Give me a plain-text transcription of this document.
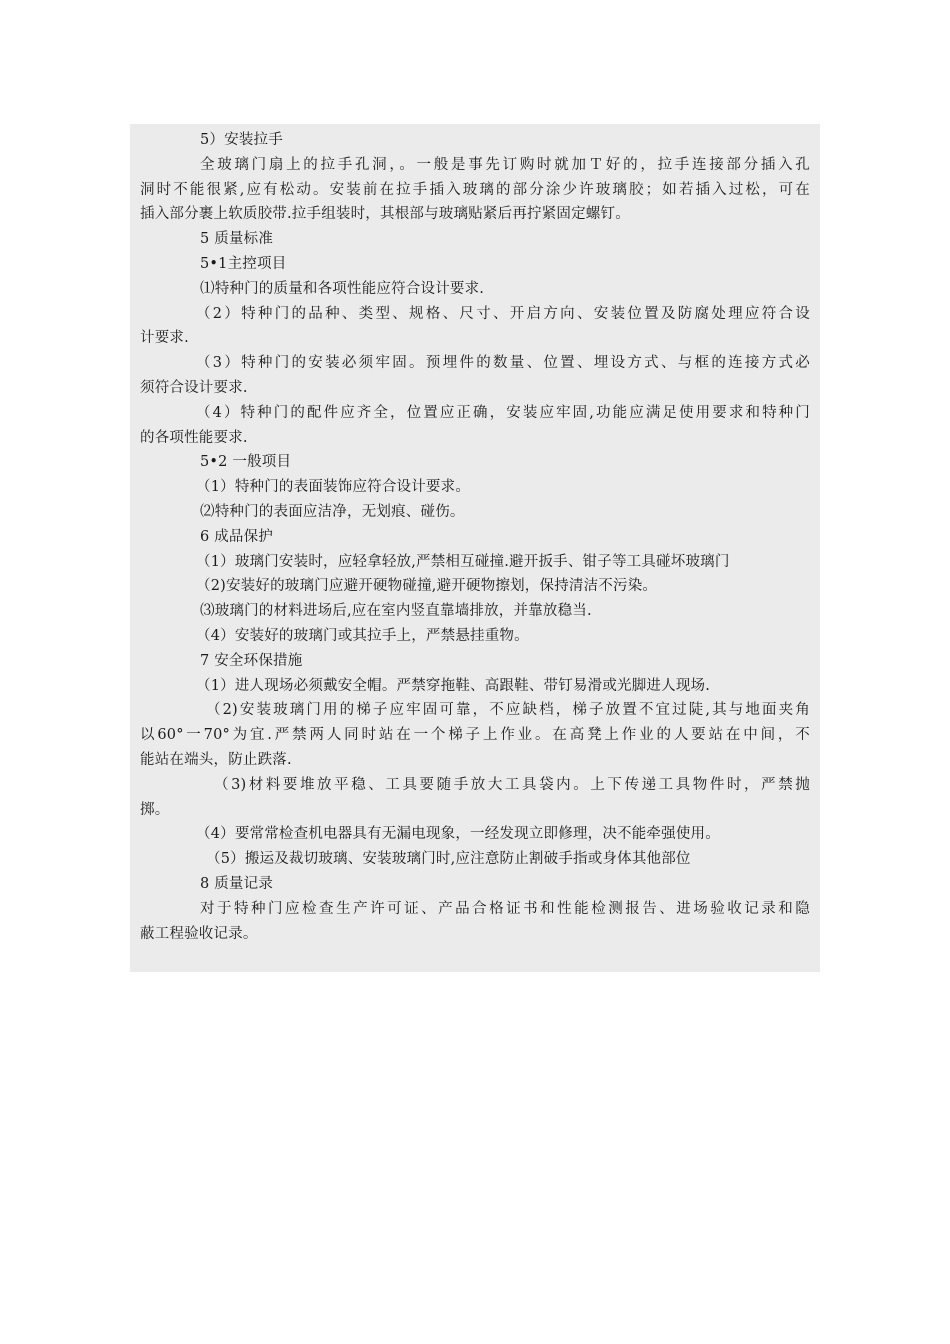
5）安装拉手
全玻璃门扇上的拉手孔洞，。一般是事先订购时就加Ｔ好的，拉手连接部分插入孔
洞时不能很紧,应有松动。安装前在拉手插入玻璃的部分涂少许玻璃胶；如若插入过松，可在
插入部分裹上软质胶带.拉手组装时，其根部与玻璃贴紧后再拧紧固定螺钉。
5 质量标准
5•1主控项目
⑴特种门的质量和各项性能应符合设计要求.
（2）特种门的品种、类型、规格、尺寸、开启方向、安装位置及防腐处理应符合设
计要求.
（3）特种门的安装必须牢固。预埋件的数量、位置、埋设方式、与框的连接方式必
须符合设计要求.
（4）特种门的配件应齐全，位置应正确，安装应牢固,功能应满足使用要求和特种门
的各项性能要求.
5•2 一般项目
（1）特种门的表面装饰应符合设计要求。
⑵特种门的表面应洁净，无划痕、碰伤。
6 成品保护
（1）玻璃门安装时，应轻拿轻放,严禁相互碰撞.避开扳手、钳子等工具碰坏玻璃门
（2)安装好的玻璃门应避开硬物碰撞,避开硬物擦划，保持清洁不污染。
⑶玻璃门的材料进场后,应在室内竖直靠墙排放，并靠放稳当.
（4）安装好的玻璃门或其拉手上，严禁悬挂重物。
7 安全环保措施
（1）进人现场必须戴安全帽。严禁穿拖鞋、高跟鞋、带钉易滑或光脚进人现场.
（2)安装玻璃门用的梯子应牢固可靠，不应缺档，梯子放置不宜过陡,其与地面夹角
以60°一70°为宜.严禁两人同时站在一个梯子上作业。在高凳上作业的人要站在中间，不
能站在端头，防止跌落.
（3)材料要堆放平稳、工具要随手放大工具袋内。上下传递工具物件时，严禁抛
掷。
（4）要常常检查机电器具有无漏电现象，一经发现立即修理，决不能牵强使用。
（5）搬运及裁切玻璃、安装玻璃门时,应注意防止割破手指或身体其他部位
8 质量记录
对于特种门应检查生产许可证、产品合格证书和性能检测报告、进场验收记录和隐
蔽工程验收记录。
